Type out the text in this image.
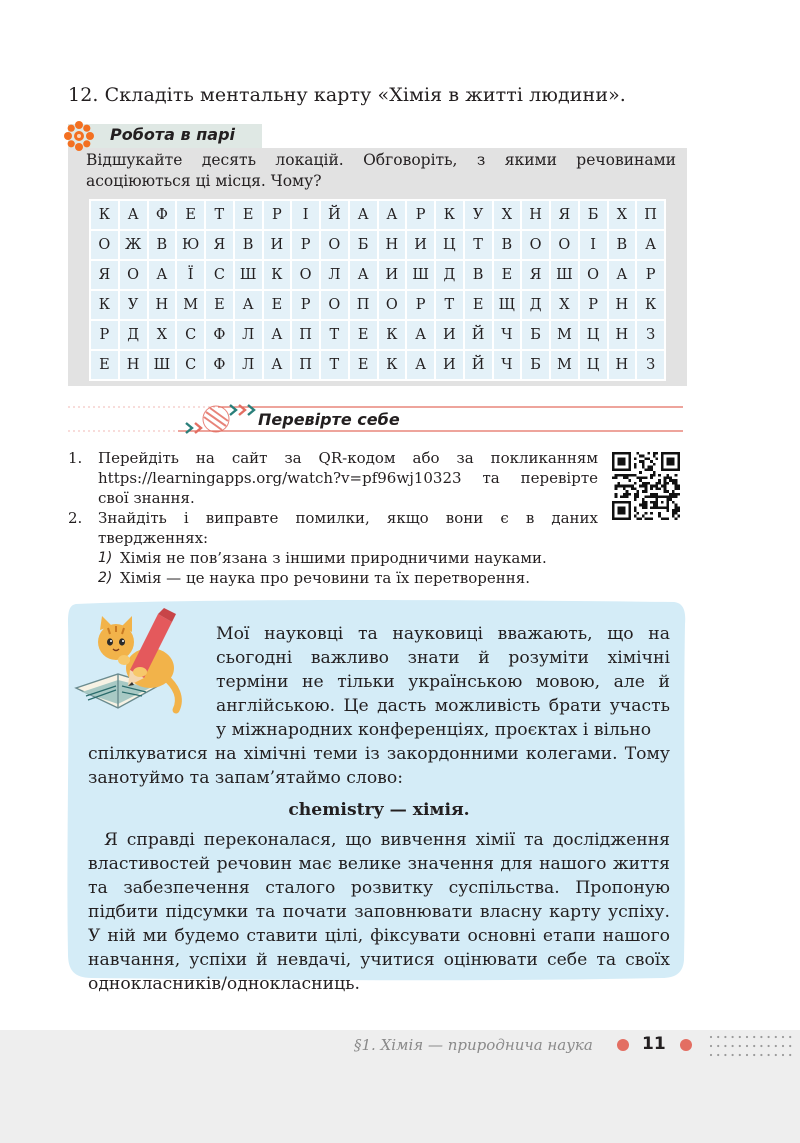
12. Складіть ментальну карту «Хімія в житті людини».
Робота в парі
Відшукайте десять локацій. Обговоріть, з якими речовинами асоціюються ці місця. Чому?
К	А	Ф	Е	Т	Е	Р	І	Й	А	А	Р	К	У	Х	Н	Я	Б	Х	П
О	Ж	В	Ю Я	В	И	Р	О	Б	Н	И	Ц	Т	В	О	О	І	В	А
Я	О	А	Ї	С	Ш	К	О	Л	А	И Ш	Д	В	Е	Я	Ш	О	А	Р
К	У	Н	М	Е	А	Е	Р	О	П	О	Р	Т	Е	Щ	Д	Х	Р	Н	К
Р	Д	Х	С	Ф	Л	А	П	Т	Е	К	А	И	Й	Ч	Б	М	Ц	Н	З
Е	Н Ш	С	Ф	Л	А	П	Т	Е	К	А	И	Й	Ч	Б	М	Ц	Н	З
Перевірте себе
1. Перейдіть на сайт за QR-кодом або за покликанням https://learningapps.org/watch?v=pf96wj10323 та перевірте свої знання.
2. Знайдіть і виправте помилки, якщо вони є в даних твердженнях:
1) Хімія не пов’язана з іншими природничими науками.
2) Хімія — це наука про речовини та їх перетворення.
Мої науковці та науковиці вважають, що на сьогодні важливо знати й розуміти хімічні терміни не тільки українською мовою, але й англійською. Це дасть можливість брати участь у міжнародних конференціях, проєктах і вільно
спілкуватися на хімічні теми із закордонними колегами. Тому занотуймо та запам’ятаймо слово:
chemistry — хімія.
Я справді переконалася, що вивчення хімії та дослідження властивостей речовин має велике значення для нашого життя та забезпечення сталого розвитку суспільства. Пропоную підбити підсумки та почати заповнювати власну карту успіху. У ній ми будемо ставити цілі, фіксувати основні етапи нашого навчання, успіхи й невдачі, учитися оцінювати себе та своїх однокласників/однокласниць.
§1. Хімія — природнича наука	11
